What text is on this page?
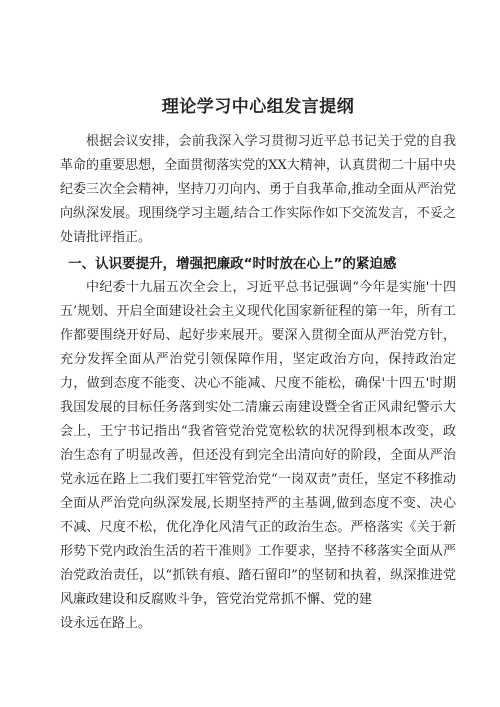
理论学习中心组发言提纲

根据会议安排，会前我深入学习贯彻习近平总书记关于党的自我革命的重要思想，全面贯彻落实党的XX大精神，认真贯彻二十届中央纪委三次全会精神，坚持刀刃向内、勇于自我革命,推动全面从严治党向纵深发展。现围绕学习主题,结合工作实际作如下交流发言，不妥之处请批评指正。

一、认识要提升，增强把廉政“时时放在心上”的紧迫感

中纪委十九届五次全会上，习近平总书记强调“今年是实施'十四五’规划、开启全面建设社会主义现代化国家新征程的第一年，所有工作都要围绕开好局、起好步来展开。要深入贯彻全面从严治党方针，充分发挥全面从严治党引领保障作用，坚定政治方向，保持政治定力，做到态度不能变、决心不能减、尺度不能松，确保'十四五'时期我国发展的目标任务落到实处二清廉云南建设暨全省正风肃纪警示大会上，王宁书记指出“我省管党治党宽松软的状况得到根本改变，政治生态有了明显改善，但还没有到完全出清向好的阶段，全面从严治党永远在路上二我们要扛牢管党治党“一岗双责”责任，坚定不移推动全面从严治党向纵深发展,长期坚持严的主基调,做到态度不变、决心不减、尺度不松，优化净化风清气正的政治生态。严格落实《关于新形势下党内政治生活的若干准则》工作要求，坚持不移落实全面从严治党政治责任，以“抓铁有痕、踏石留印”的坚韧和执着，纵深推进党风廉政建设和反腐败斗争，管党治党常抓不懈、党的建

设永远在路上。
